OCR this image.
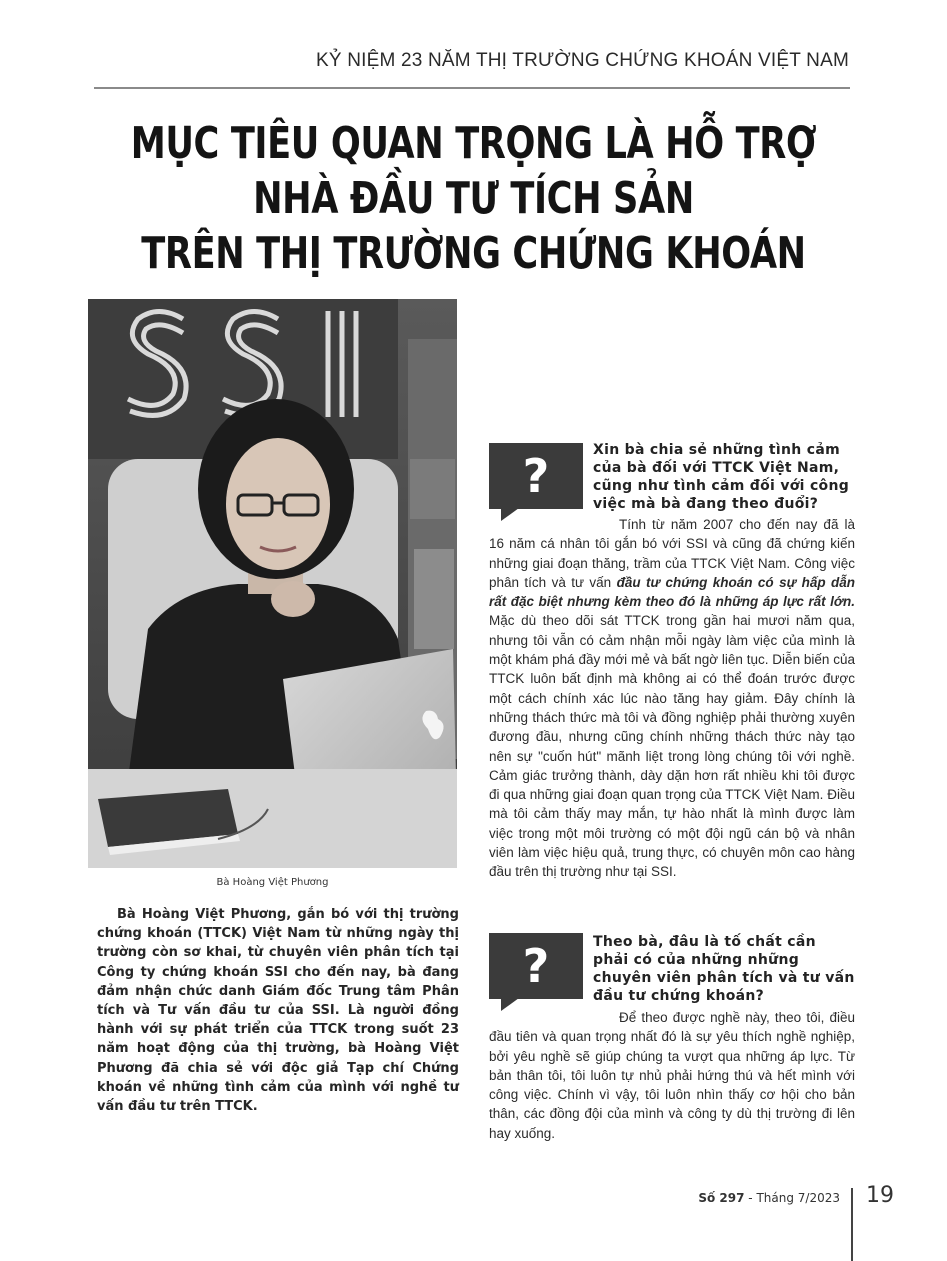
KỶ NIỆM 23 NĂM THỊ TRƯỜNG CHỨNG KHOÁN VIỆT NAM
MỤC TIÊU QUAN TRỌNG LÀ HỖ TRỢ
NHÀ ĐẦU TƯ TÍCH SẢN
TRÊN THỊ TRƯỜNG CHỨNG KHOÁN
Bà Hoàng Việt Phương
Bà Hoàng Việt Phương, gắn bó với thị trường chứng khoán (TTCK) Việt Nam từ những ngày thị trường còn sơ khai, từ chuyên viên phân tích tại Công ty chứng khoán SSI cho đến nay, bà đang đảm nhận chức danh Giám đốc Trung tâm Phân tích và Tư vấn đầu tư của SSI. Là người đồng hành với sự phát triển của TTCK trong suốt 23 năm hoạt động của thị trường, bà Hoàng Việt Phương đã chia sẻ với độc giả Tạp chí Chứng khoán về những tình cảm của mình với nghề tư vấn đầu tư trên TTCK.
?	Xin bà chia sẻ những tình cảm của bà đối với TTCK Việt Nam, cũng như tình cảm đối với công việc mà bà đang theo đuổi?
Tính từ năm 2007 cho đến nay đã là 16 năm cá nhân tôi gắn bó với SSI và cũng đã chứng kiến những giai đoạn thăng, trầm của TTCK Việt Nam. Công việc phân tích và tư vấn đầu tư chứng khoán có sự hấp dẫn rất đặc biệt nhưng kèm theo đó là những áp lực rất lớn. Mặc dù theo dõi sát TTCK trong gần hai mươi năm qua, nhưng tôi vẫn có cảm nhận mỗi ngày làm việc của mình là một khám phá đầy mới mẻ và bất ngờ liên tục. Diễn biến của TTCK luôn bất định mà không ai có thể đoán trước được một cách chính xác lúc nào tăng hay giảm. Đây chính là những thách thức mà tôi và đồng nghiệp phải thường xuyên đương đầu, nhưng cũng chính những thách thức này tạo nên sự "cuốn hút" mãnh liệt trong lòng chúng tôi với nghề. Cảm giác trưởng thành, dày dặn hơn rất nhiều khi tôi được đi qua những giai đoạn quan trọng của TTCK Việt Nam. Điều mà tôi cảm thấy may mắn, tự hào nhất là mình được làm việc trong một môi trường có một đội ngũ cán bộ và nhân viên làm việc hiệu quả, trung thực, có chuyên môn cao hàng đầu trên thị trường như tại SSI.
?	Theo bà, đâu là tố chất cần phải có của những những chuyên viên phân tích và tư vấn đầu tư chứng khoán?
Để theo được nghề này, theo tôi, điều đầu tiên và quan trọng nhất đó là sự yêu thích nghề nghiệp, bởi yêu nghề sẽ giúp chúng ta vượt qua những áp lực. Từ bản thân tôi, tôi luôn tự nhủ phải hứng thú và hết mình với công việc. Chính vì vậy, tôi luôn nhìn thấy cơ hội cho bản thân, các đồng đội của mình và công ty dù thị trường đi lên hay xuống.
Số 297 - Tháng 7/2023 19
